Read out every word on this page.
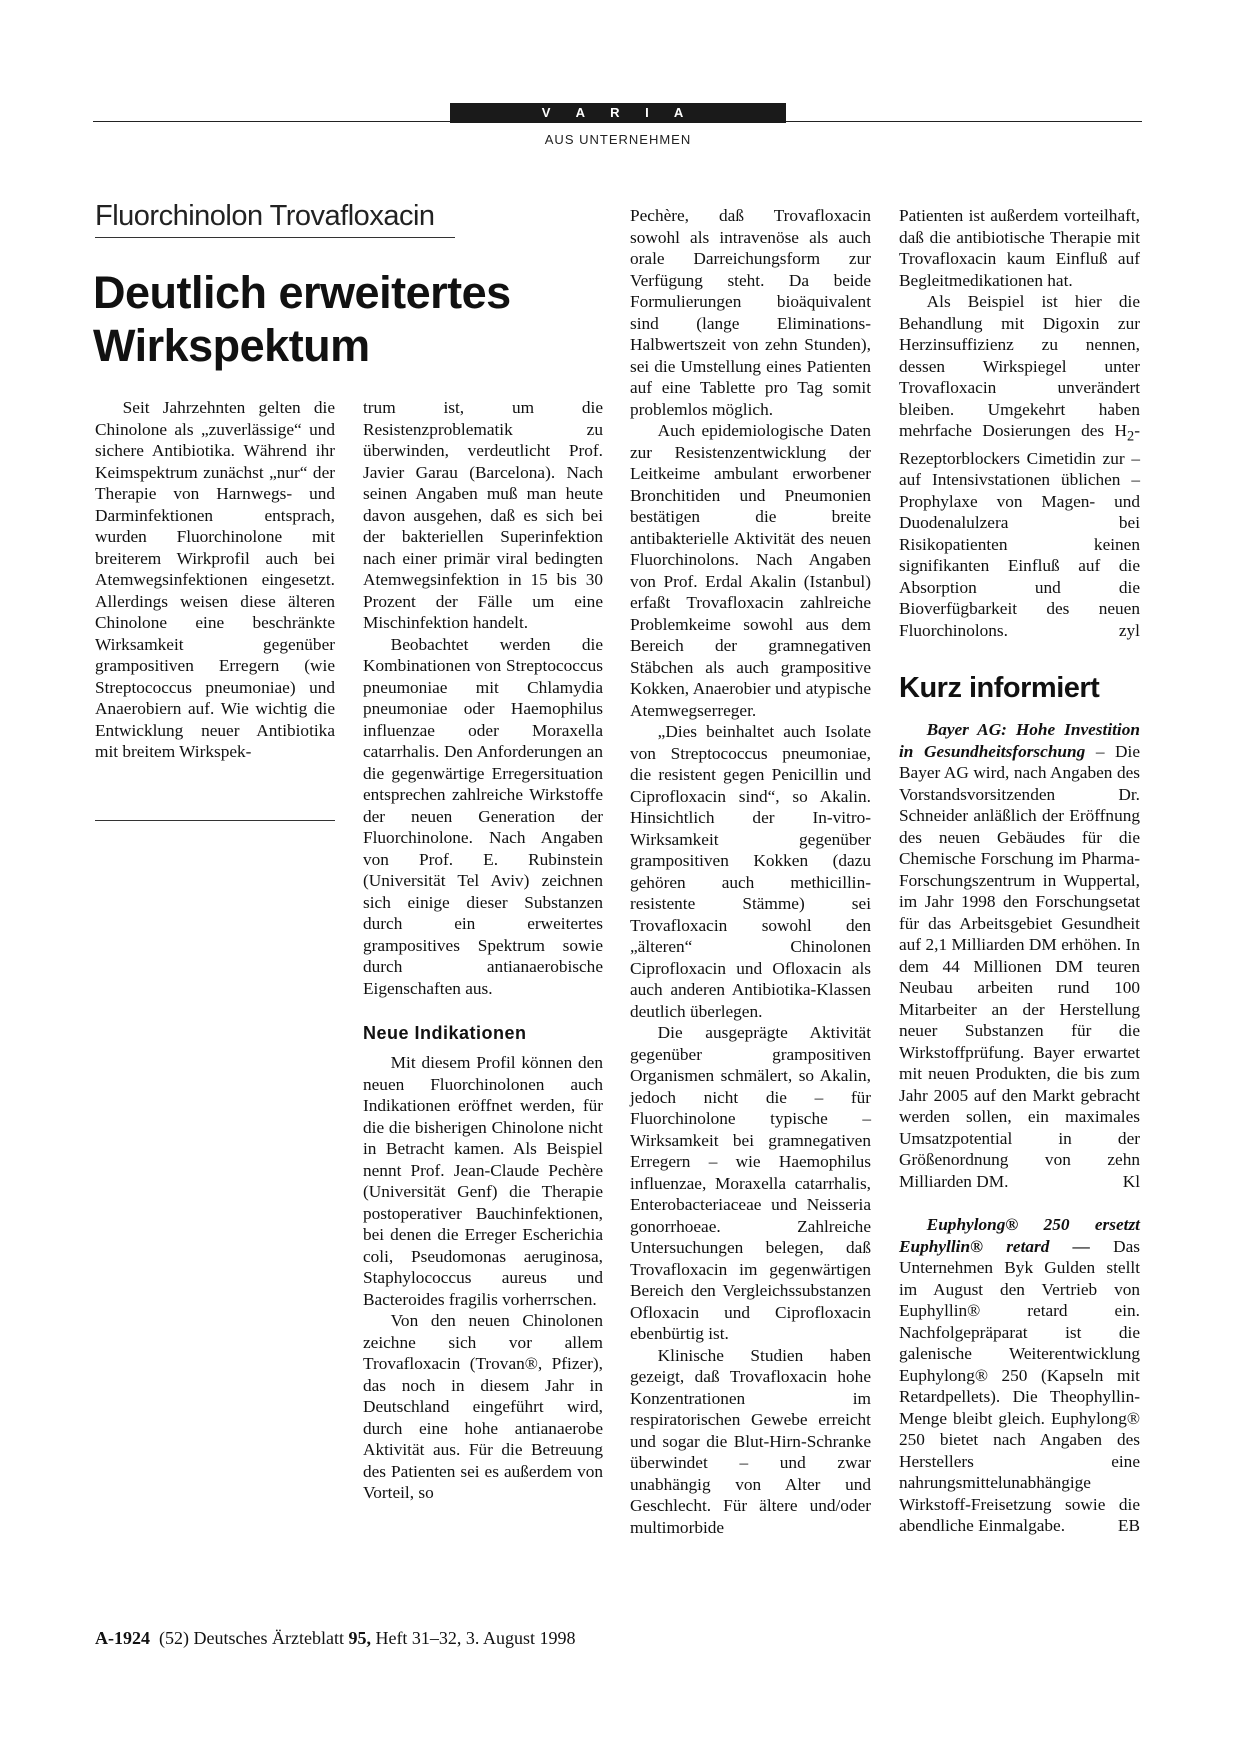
V A R I A
AUS UNTERNEHMEN
Fluorchinolon Trovafloxacin
Deutlich erweitertes
Wirkspektum

Seit Jahrzehnten gelten die Chinolone als „zuverlässige“ und sichere Antibiotika. Während ihr Keimspektrum zunächst „nur“ der Therapie von Harnwegs- und Darminfektionen entsprach, wurden Fluorchinolone mit breiterem Wirkprofil auch bei Atemwegsinfektionen eingesetzt. Allerdings weisen diese älteren Chinolone eine beschränkte Wirksamkeit gegenüber grampositiven Erregern (wie Streptococcus pneumoniae) und Anaerobiern auf. Wie wichtig die Entwicklung neuer Antibiotika mit breitem Wirkspek-

trum ist, um die Resistenzproblematik zu überwinden, verdeutlicht Prof. Javier Garau (Barcelona). Nach seinen Angaben muß man heute davon ausgehen, daß es sich bei der bakteriellen Superinfektion nach einer primär viral bedingten Atemwegsinfektion in 15 bis 30 Prozent der Fälle um eine Mischinfektion handelt.

Beobachtet werden die Kombinationen von Streptococcus pneumoniae mit Chlamydia pneumoniae oder Haemophilus influenzae oder Moraxella catarrhalis. Den Anforderungen an die gegenwärtige Erregersituation entsprechen zahlreiche Wirkstoffe der neuen Generation der Fluorchinolone. Nach Angaben von Prof. E. Rubinstein (Universität Tel Aviv) zeichnen sich einige dieser Substanzen durch ein erweitertes grampositives Spektrum sowie durch antianaerobische Eigenschaften aus.

Neue Indikationen

Mit diesem Profil können den neuen Fluorchinolonen auch Indikationen eröffnet werden, für die die bisherigen Chinolone nicht in Betracht kamen. Als Beispiel nennt Prof. Jean-Claude Pechère (Universität Genf) die Therapie postoperativer Bauchinfektionen, bei denen die Erreger Escherichia coli, Pseudomonas aeruginosa, Staphylococcus aureus und Bacteroides fragilis vorherrschen.

Von den neuen Chinolonen zeichne sich vor allem Trovafloxacin (Trovan®, Pfizer), das noch in diesem Jahr in Deutschland eingeführt wird, durch eine hohe antianaerobe Aktivität aus. Für die Betreuung des Patienten sei es außerdem von Vorteil, so

Pechère, daß Trovafloxacin sowohl als intravenöse als auch orale Darreichungsform zur Verfügung steht. Da beide Formulierungen bioäquivalent sind (lange Eliminations-Halbwertszeit von zehn Stunden), sei die Umstellung eines Patienten auf eine Tablette pro Tag somit problemlos möglich.

Auch epidemiologische Daten zur Resistenzentwicklung der Leitkeime ambulant erworbener Bronchitiden und Pneumonien bestätigen die breite antibakterielle Aktivität des neuen Fluorchinolons. Nach Angaben von Prof. Erdal Akalin (Istanbul) erfaßt Trovafloxacin zahlreiche Problemkeime sowohl aus dem Bereich der gramnegativen Stäbchen als auch grampositive Kokken, Anaerobier und atypische Atemwegserreger.

„Dies beinhaltet auch Isolate von Streptococcus pneumoniae, die resistent gegen Penicillin und Ciprofloxacin sind“, so Akalin. Hinsichtlich der In-vitro-Wirksamkeit gegenüber grampositiven Kokken (dazu gehören auch methicillin-resistente Stämme) sei Trovafloxacin sowohl den „älteren“ Chinolonen Ciprofloxacin und Ofloxacin als auch anderen Antibiotika-Klassen deutlich überlegen.

Die ausgeprägte Aktivität gegenüber grampositiven Organismen schmälert, so Akalin, jedoch nicht die – für Fluorchinolone typische – Wirksamkeit bei gramnegativen Erregern – wie Haemophilus influenzae, Moraxella catarrhalis, Enterobacteriaceae und Neisseria gonorrhoeae. Zahlreiche Untersuchungen belegen, daß Trovafloxacin im gegenwärtigen Bereich den Vergleichssubstanzen Ofloxacin und Ciprofloxacin ebenbürtig ist.

Klinische Studien haben gezeigt, daß Trovafloxacin hohe Konzentrationen im respiratorischen Gewebe erreicht und sogar die Blut-Hirn-Schranke überwindet – und zwar unabhängig von Alter und Geschlecht. Für ältere und/oder multimorbide

Patienten ist außerdem vorteilhaft, daß die antibiotische Therapie mit Trovafloxacin kaum Einfluß auf Begleitmedikationen hat.

Als Beispiel ist hier die Behandlung mit Digoxin zur Herzinsuffizienz zu nennen, dessen Wirkspiegel unter Trovafloxacin unverändert bleiben. Umgekehrt haben mehrfache Dosierungen des $H_2$-Rezeptorblockers Cimetidin zur – auf Intensivstationen üblichen – Prophylaxe von Magen- und Duodenalulzera bei Risikopatienten keinen signifikanten Einfluß auf die Absorption und die Bioverfügbarkeit des neuen Fluorchinolons.	zyl

Kurz informiert

Bayer AG: Hohe Investition in Gesundheitsforschung – Die Bayer AG wird, nach Angaben des Vorstandsvorsitzenden Dr. Schneider anläßlich der Eröffnung des neuen Gebäudes für die Chemische Forschung im Pharma-Forschungszentrum in Wuppertal, im Jahr 1998 den Forschungsetat für das Arbeitsgebiet Gesundheit auf 2,1 Milliarden DM erhöhen. In dem 44 Millionen DM teuren Neubau arbeiten rund 100 Mitarbeiter an der Herstellung neuer Substanzen für die Wirkstoffprüfung. Bayer erwartet mit neuen Produkten, die bis zum Jahr 2005 auf den Markt gebracht werden sollen, ein maximales Umsatzpotential in der Größenordnung von zehn Milliarden DM.	Kl

Euphylong® 250 ersetzt Euphyllin® retard — Das Unternehmen Byk Gulden stellt im August den Vertrieb von Euphyllin® retard ein. Nachfolgepräparat ist die galenische Weiterentwicklung Euphylong® 250 (Kapseln mit Retardpellets). Die Theophyllin-Menge bleibt gleich. Euphylong® 250 bietet nach Angaben des Herstellers eine nahrungsmittelunabhängige Wirkstoff-Freisetzung sowie die abendliche Einmalgabe.	EB

A-1924 (52) Deutsches Ärzteblatt 95, Heft 31–32, 3. August 1998
